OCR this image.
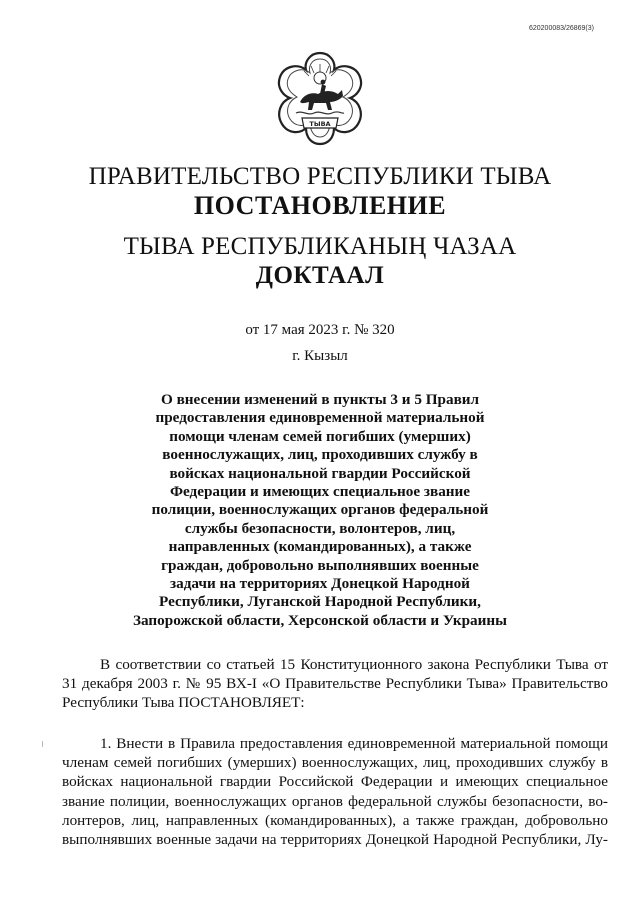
620200083/26869(3)
ТЫВА
ПРАВИТЕЛЬСТВО РЕСПУБЛИКИ ТЫВА
ПОСТАНОВЛЕНИЕ
ТЫВА РЕСПУБЛИКАНЫҢ ЧАЗАА
ДОКТААЛ
от 17 мая 2023 г. № 320
г. Кызыл
О внесении изменений в пункты 3 и 5 Правил
предоставления единовременной материальной
помощи членам семей погибших (умерших)
военнослужащих, лиц, проходивших службу в
войсках национальной гвардии Российской
Федерации и имеющих специальное звание
полиции, военнослужащих органов федеральной
службы безопасности, волонтеров, лиц,
направленных (командированных), а также
граждан, добровольно выполнявших военные
задачи на территориях Донецкой Народной
Республики, Луганской Народной Республики,
Запорожской области, Херсонской области и Украины
В соответствии со статьей 15 Конституционного закона Республики Тыва от
31 декабря 2003 г. № 95 ВХ-I «О Правительстве Республики Тыва» Правительство
Республики Тыва ПОСТАНОВЛЯЕТ:
1. Внести в Правила предоставления единовременной материальной помощи
членам семей погибших (умерших) военнослужащих, лиц, проходивших службу в
войсках национальной гвардии Российской Федерации и имеющих специальное
звание полиции, военнослужащих органов федеральной службы безопасности, во-
лонтеров, лиц, направленных (командированных), а также граждан, добровольно
выполнявших военные задачи на территориях Донецкой Народной Республики, Лу-
